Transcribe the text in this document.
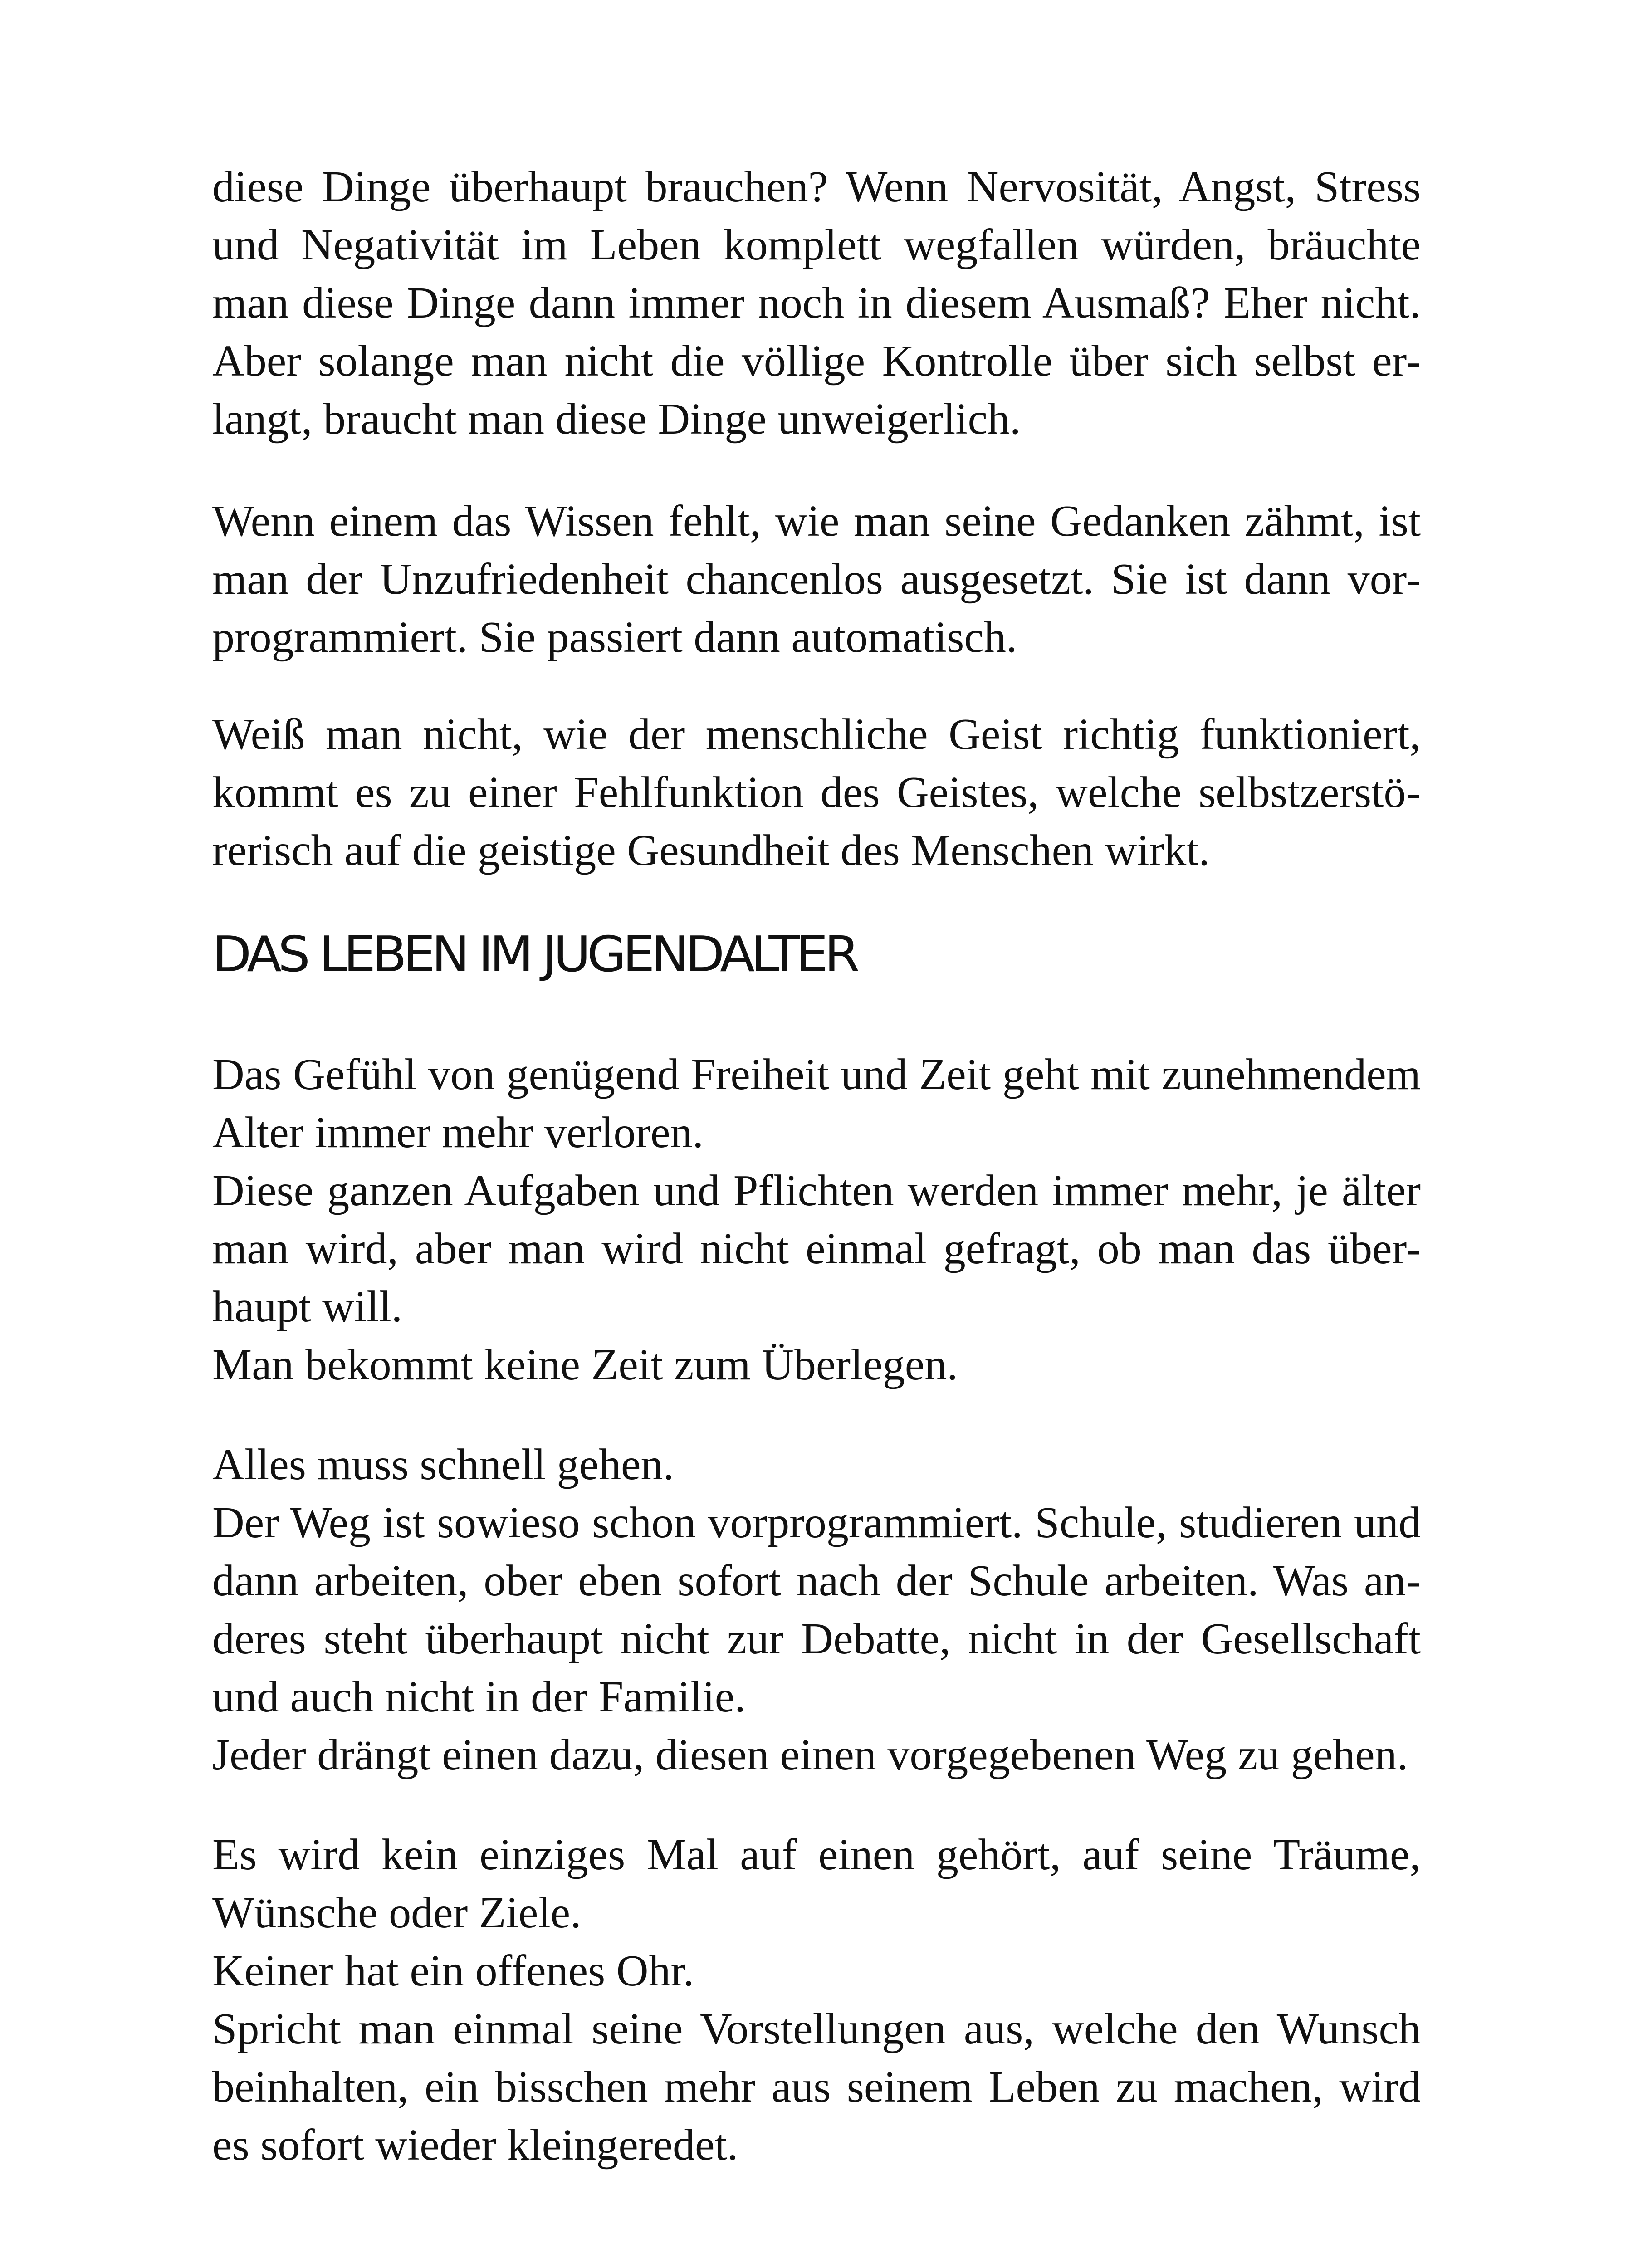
diese Dinge überhaupt brauchen? Wenn Nervosität, Angst, Stress
und Negativität im Leben komplett wegfallen würden, bräuchte
man diese Dinge dann immer noch in diesem Ausmaß? Eher nicht.
Aber solange man nicht die völlige Kontrolle über sich selbst er-
langt, braucht man diese Dinge unweigerlich.

Wenn einem das Wissen fehlt, wie man seine Gedanken zähmt, ist
man der Unzufriedenheit chancenlos ausgesetzt. Sie ist dann vor-
programmiert. Sie passiert dann automatisch.

Weiß man nicht, wie der menschliche Geist richtig funktioniert,
kommt es zu einer Fehlfunktion des Geistes, welche selbstzerstö-
rerisch auf die geistige Gesundheit des Menschen wirkt.

DAS LEBEN IM JUGENDALTER

Das Gefühl von genügend Freiheit und Zeit geht mit zunehmendem
Alter immer mehr verloren.
Diese ganzen Aufgaben und Pflichten werden immer mehr, je älter
man wird, aber man wird nicht einmal gefragt, ob man das über-
haupt will.
Man bekommt keine Zeit zum Überlegen.

Alles muss schnell gehen.
Der Weg ist sowieso schon vorprogrammiert. Schule, studieren und
dann arbeiten, ober eben sofort nach der Schule arbeiten. Was an-
deres steht überhaupt nicht zur Debatte, nicht in der Gesellschaft
und auch nicht in der Familie.
Jeder drängt einen dazu, diesen einen vorgegebenen Weg zu gehen.

Es wird kein einziges Mal auf einen gehört, auf seine Träume,
Wünsche oder Ziele.
Keiner hat ein offenes Ohr.
Spricht man einmal seine Vorstellungen aus, welche den Wunsch
beinhalten, ein bisschen mehr aus seinem Leben zu machen, wird
es sofort wieder kleingeredet.
